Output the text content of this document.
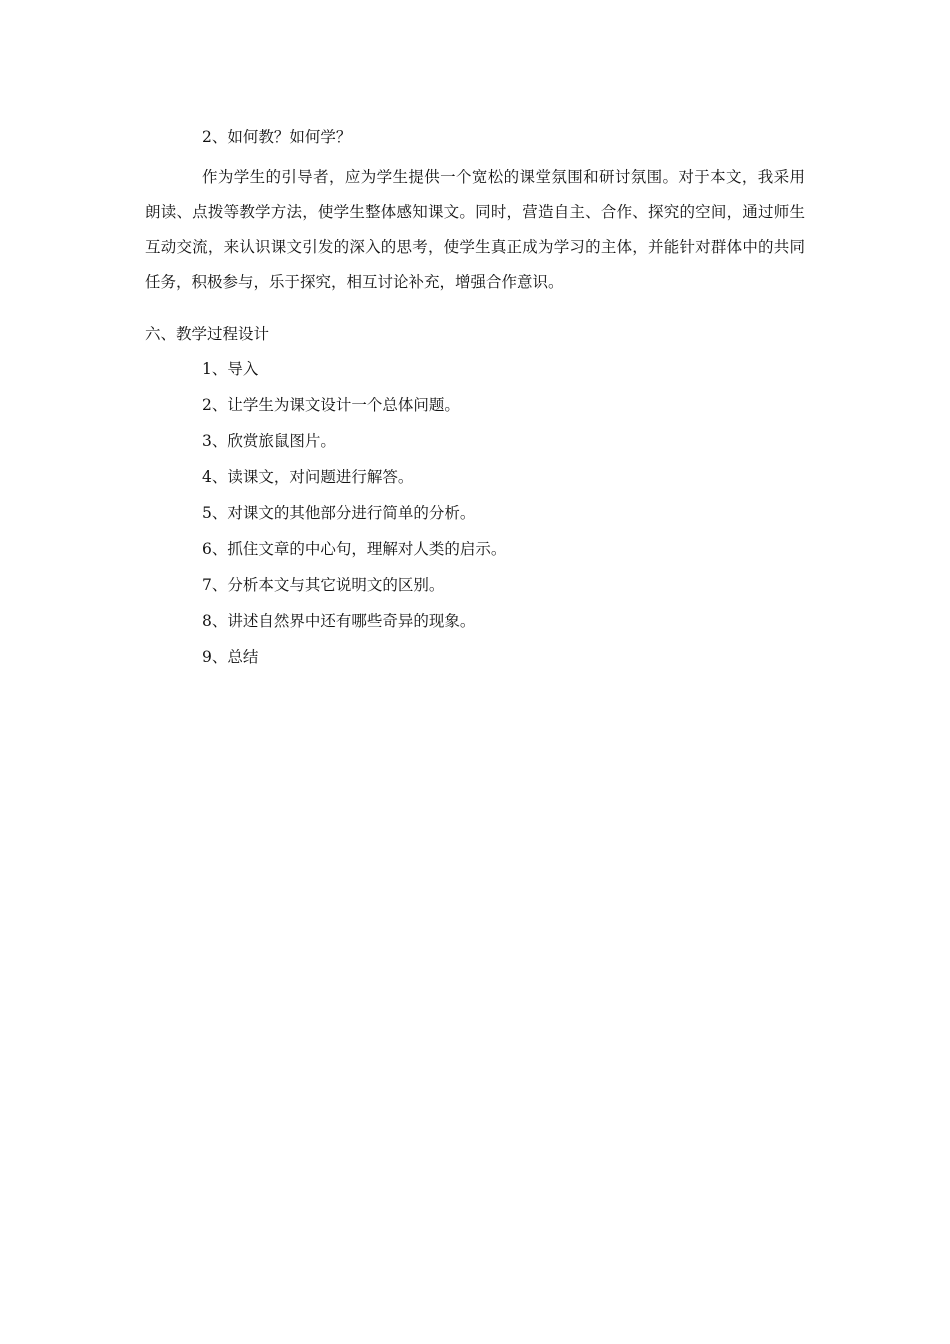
2、如何教？如何学？
作为学生的引导者，应为学生提供一个宽松的课堂氛围和研讨氛围。对于本文，我采用朗读、点拨等教学方法，使学生整体感知课文。同时，营造自主、合作、探究的空间，通过师生互动交流，来认识课文引发的深入的思考，使学生真正成为学习的主体，并能针对群体中的共同任务，积极参与，乐于探究，相互讨论补充，增强合作意识。
六、教学过程设计
1、导入
2、让学生为课文设计一个总体问题。
3、欣赏旅鼠图片。
4、读课文，对问题进行解答。
5、对课文的其他部分进行简单的分析。
6、抓住文章的中心句，理解对人类的启示。
7、分析本文与其它说明文的区别。
8、讲述自然界中还有哪些奇异的现象。
9、总结
